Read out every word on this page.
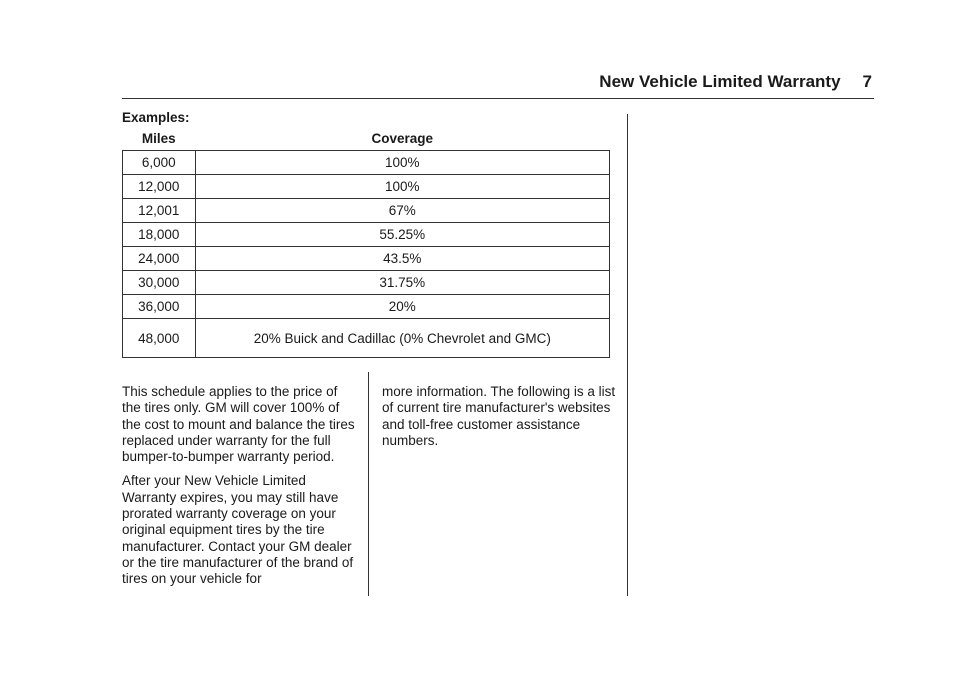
New Vehicle Limited Warranty 7
Examples:
Miles	Coverage
6,000	100%
12,000	100%
12,001	67%
18,000	55.25%
24,000	43.5%
30,000	31.75%
36,000	20%
48,000	20% Buick and Cadillac (0% Chevrolet and GMC)

This schedule applies to the price of the tires only. GM will cover 100% of the cost to mount and balance the tires replaced under warranty for the full bumper-to-bumper warranty period.

After your New Vehicle Limited Warranty expires, you may still have prorated warranty coverage on your original equipment tires by the tire manufacturer. Contact your GM dealer or the tire manufacturer of the brand of tires on your vehicle for

more information. The following is a list of current tire manufacturer's websites and toll-free customer assistance numbers.
